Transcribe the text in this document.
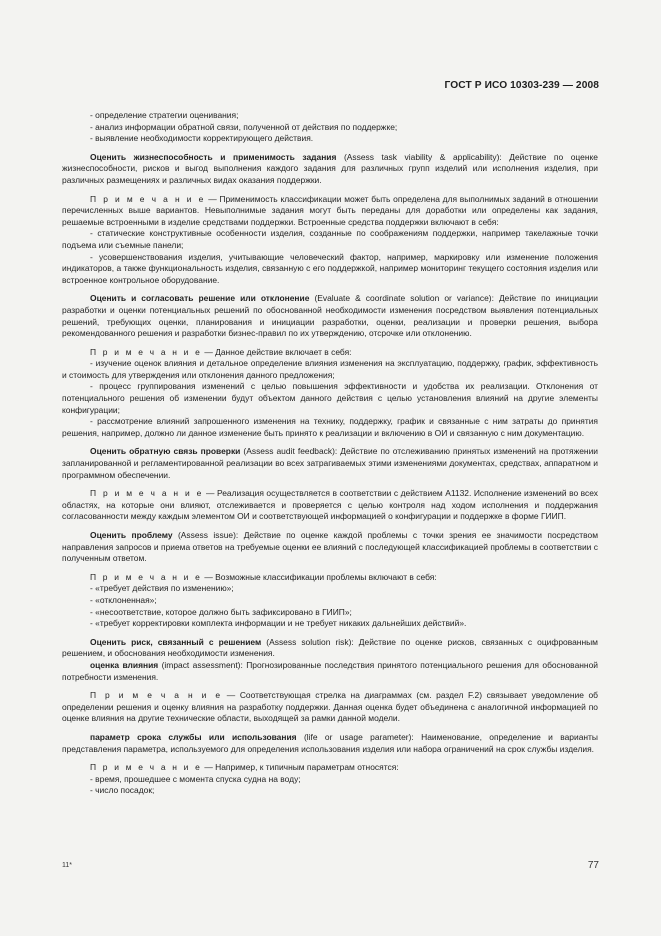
ГОСТ Р ИСО 10303-239 — 2008

- определение стратегии оценивания;

- анализ информации обратной связи, полученной от действия по поддержке;

- выявление необходимости корректирующего действия.

Оценить жизнеспособность и применимость задания (Assess task viability & applicability): Действие по оценке жизнеспособности, рисков и выгод выполнения каждого задания для различных групп изделий или исполнения изделия, при различных размещениях и различных видах оказания поддержки.

П р и м е ч а н и е — Применимость классификации может быть определена для выполнимых заданий в отношении перечисленных выше вариантов. Невыполнимые задания могут быть переданы для доработки или определены как задания, решаемые встроенными в изделие средствами поддержки. Встроенные средства поддержки включают в себя:

- статические конструктивные особенности изделия, созданные по соображениям поддержки, например такелажные точки подъема или съемные панели;

- усовершенствования изделия, учитывающие человеческий фактор, например, маркировку или изменение положения индикаторов, а также функциональность изделия, связанную с его поддержкой, например мониторинг текущего состояния изделия или встроенное контрольное оборудование.

Оценить и согласовать решение или отклонение (Evaluate & coordinate solution or variance): Действие по инициации разработки и оценки потенциальных решений по обоснованной необходимости изменения посредством выявления потенциальных решений, требующих оценки, планирования и инициации разработки, оценки, реализации и проверки решения, выбора рекомендованного решения и разработки бизнес-правил по их утверждению, отсрочке или отклонению.

П р и м е ч а н и е — Данное действие включает в себя:

- изучение оценок влияния и детальное определение влияния изменения на эксплуатацию, поддержку, график, эффективность и стоимость для утверждения или отклонения данного предложения;

- процесс группирования изменений с целью повышения эффективности и удобства их реализации. Отклонения от потенциального решения об изменении будут объектом данного действия с целью установления влияний на другие элементы конфигурации;

- рассмотрение влияний запрошенного изменения на технику, поддержку, график и связанные с ним затраты до принятия решения, например, должно ли данное изменение быть принято к реализации и включению в ОИ и связанную с ним документацию.

Оценить обратную связь проверки (Assess audit feedback): Действие по отслеживанию принятых изменений на протяжении запланированной и регламентированной реализации во всех затрагиваемых этими изменениями документах, средствах, аппаратном и программном обеспечении.

П р и м е ч а н и е — Реализация осуществляется в соответствии с действием А1132. Исполнение изменений во всех областях, на которые они влияют, отслеживается и проверяется с целью контроля над ходом исполнения и поддержания согласованности между каждым элементом ОИ и соответствующей информацией о конфигурации и поддержке в форме ГИИП.

Оценить проблему (Assess issue): Действие по оценке каждой проблемы с точки зрения ее значимости посредством направления запросов и приема ответов на требуемые оценки ее влияний с последующей классификацией проблемы в соответствии с полученным ответом.

П р и м е ч а н и е — Возможные классификации проблемы включают в себя:

- «требует действия по изменению»;

- «отклоненная»;

- «несоответствие, которое должно быть зафиксировано в ГИИП»;

- «требует корректировки комплекта информации и не требует никаких дальнейших действий».

Оценить риск, связанный с решением (Assess solution risk): Действие по оценке рисков, связанных с оцифрованным решением, и обоснования необходимости изменения.

оценка влияния (impact assessment): Прогнозированные последствия принятого потенциального решения для обоснованной потребности изменения.

П р и м е ч а н и е — Соответствующая стрелка на диаграммах (см. раздел F.2) связывает уведомление об определении решения и оценку влияния на разработку поддержки. Данная оценка будет объединена с аналогичной информацией по оценке влияния на другие технические области, выходящей за рамки данной модели.

параметр срока службы или использования (life or usage parameter): Наименование, определение и варианты представления параметра, используемого для определения использования изделия или набора ограничений на срок службы изделия.

П р и м е ч а н и е — Например, к типичным параметрам относятся:

- время, прошедшее с момента спуска судна на воду;

- число посадок;

11*	77
